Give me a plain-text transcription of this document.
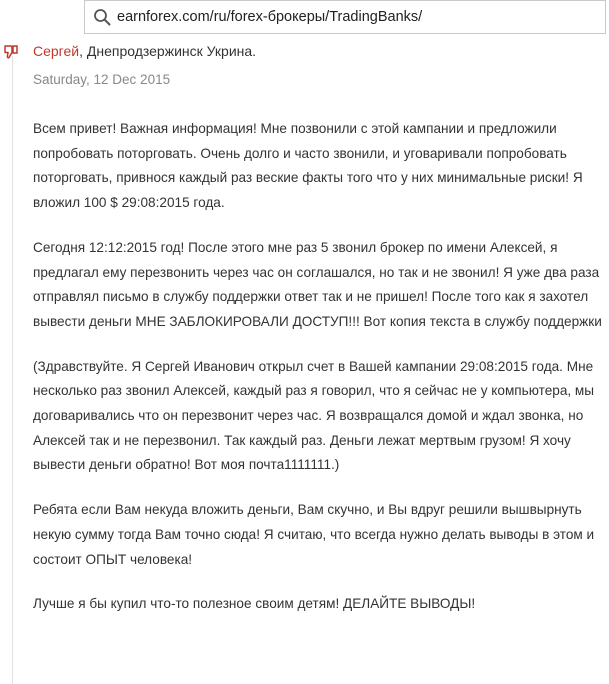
earnforex.com/ru/forex-брокеры/TradingBanks/
Сергей, Днепродзержинск Укрина.
Saturday, 12 Dec 2015

Всем привет! Важная информация! Мне позвонили с этой кампании и предложили попробовать поторговать. Очень долго и часто звонили, и уговаривали попробовать поторговать, привнося каждый раз веские факты того что у них минимальные риски! Я вложил 100 $ 29:08:2015 года.

Сегодня 12:12:2015 год! После этого мне раз 5 звонил брокер по имени Алексей, я предлагал ему перезвонить через час он соглашался, но так и не звонил! Я уже два раза отправлял письмо в службу поддержки ответ так и не пришел! После того как я захотел вывести деньги МНЕ ЗАБЛОКИРОВАЛИ ДОСТУП!!! Вот копия текста в службу поддержки

(Здравствуйте. Я Сергей Иванович открыл счет в Вашей кампании 29:08:2015 года. Мне несколько раз звонил Алексей, каждый раз я говорил, что я сейчас не у компьютера, мы договаривались что он перезвонит через час. Я возвращался домой и ждал звонка, но Алексей так и не перезвонил. Так каждый раз. Деньги лежат мертвым грузом! Я хочу вывести деньги обратно! Вот моя почта1111111.)

Ребята если Вам некуда вложить деньги, Вам скучно, и Вы вдруг решили вышвырнуть некую сумму тогда Вам точно сюда! Я считаю, что всегда нужно делать выводы в этом и состоит ОПЫТ человека!

Лучше я бы купил что-то полезное своим детям! ДЕЛАЙТЕ ВЫВОДЫ!
